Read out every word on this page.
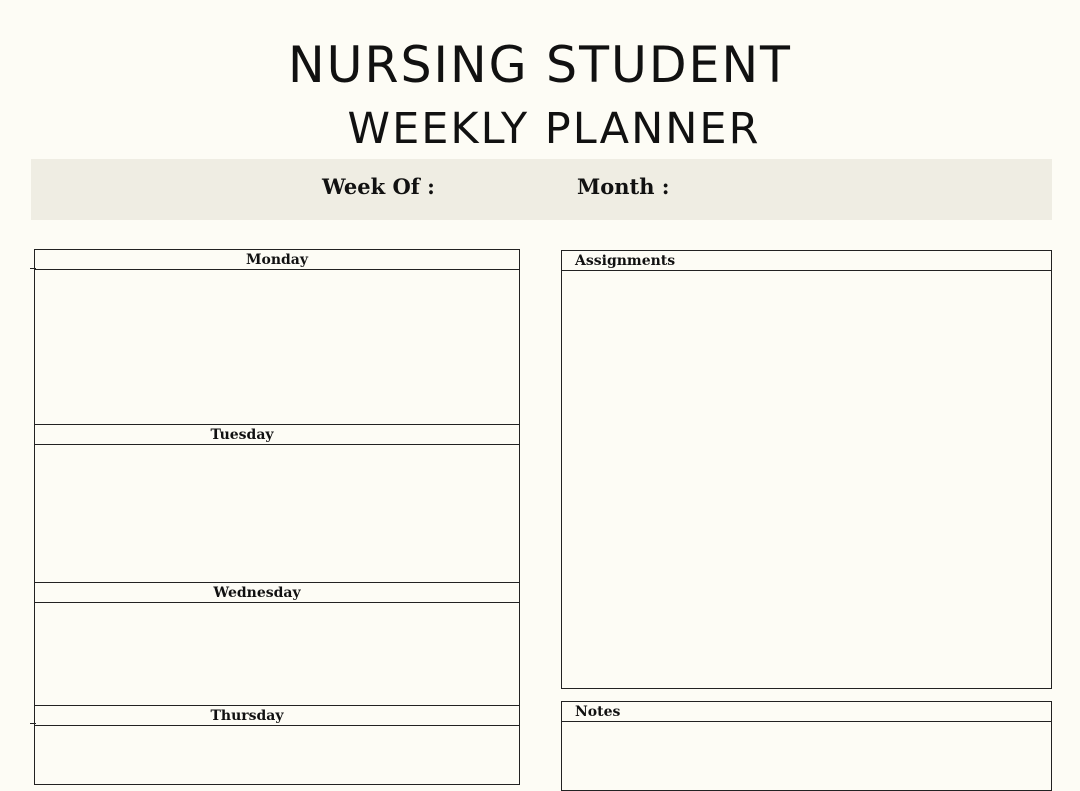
NURSING STUDENT
WEEKLY PLANNER
Week Of :	Month :
Monday
Tuesday
Wednesday
Thursday
Assignments
Notes
